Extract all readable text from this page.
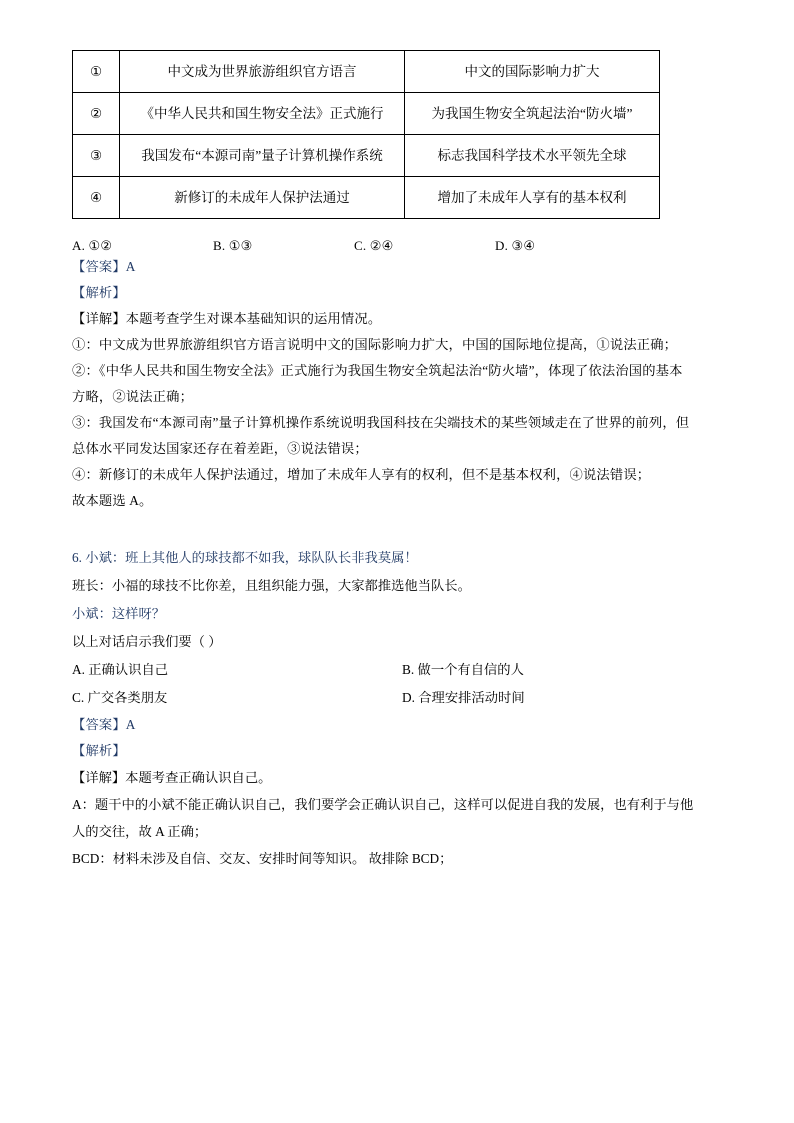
①	中文成为世界旅游组织官方语言	中文的国际影响力扩大
②	《中华人民共和国生物安全法》正式施行	为我国生物安全筑起法治“防火墙”
③	我国发布“本源司南”量子计算机操作系统	标志我国科学技术水平领先全球
④	新修订的未成年人保护法通过	增加了未成年人享有的基本权利
A. ①②	B. ①③	C. ②④	D. ③④
【答案】A
【解析】
【详解】本题考查学生对课本基础知识的运用情况。
①：中文成为世界旅游组织官方语言说明中文的国际影响力扩大，中国的国际地位提高，①说法正确；
②：《中华人民共和国生物安全法》正式施行为我国生物安全筑起法治“防火墙”，体现了依法治国的基本
方略，②说法正确；
③：我国发布“本源司南”量子计算机操作系统说明我国科技在尖端技术的某些领域走在了世界的前列，但
总体水平同发达国家还存在着差距，③说法错误；
④：新修订的未成年人保护法通过，增加了未成年人享有的权利，但不是基本权利，④说法错误；
故本题选 A。
6. 小斌：班上其他人的球技都不如我，球队队长非我莫属！
班长：小福的球技不比你差，且组织能力强，大家都推选他当队长。
小斌：这样呀？
以上对话启示我们要（ ）
A. 正确认识自己	B. 做一个有自信的人
C. 广交各类朋友	D. 合理安排活动时间
【答案】A
【解析】
【详解】本题考查正确认识自己。
A：题干中的小斌不能正确认识自己，我们要学会正确认识自己，这样可以促进自我的发展，也有利于与他
人的交往，故 A 正确；
BCD：材料未涉及自信、交友、安排时间等知识。 故排除 BCD；
